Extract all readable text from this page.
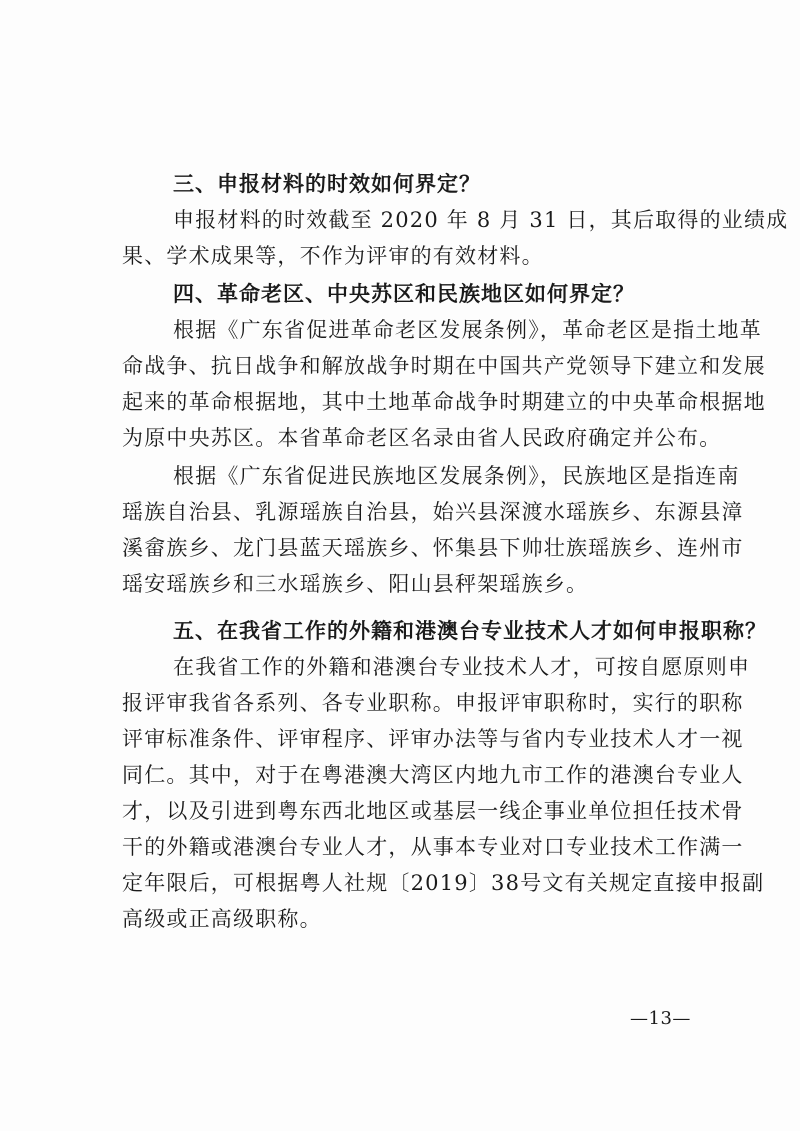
三、申报材料的时效如何界定？
申报材料的时效截至 2020 年 8 月 31 日，其后取得的业绩成
果、学术成果等，不作为评审的有效材料。
四、革命老区、中央苏区和民族地区如何界定？
根据《广东省促进革命老区发展条例》，革命老区是指土地革
命战争、抗日战争和解放战争时期在中国共产党领导下建立和发展
起来的革命根据地，其中土地革命战争时期建立的中央革命根据地
为原中央苏区。本省革命老区名录由省人民政府确定并公布。
根据《广东省促进民族地区发展条例》，民族地区是指连南
瑶族自治县、乳源瑶族自治县，始兴县深渡水瑶族乡、东源县漳
溪畲族乡、龙门县蓝天瑶族乡、怀集县下帅壮族瑶族乡、连州市
瑶安瑶族乡和三水瑶族乡、阳山县秤架瑶族乡。
五、在我省工作的外籍和港澳台专业技术人才如何申报职称？
在我省工作的外籍和港澳台专业技术人才，可按自愿原则申
报评审我省各系列、各专业职称。申报评审职称时，实行的职称
评审标准条件、评审程序、评审办法等与省内专业技术人才一视
同仁。其中，对于在粤港澳大湾区内地九市工作的港澳台专业人
才，以及引进到粤东西北地区或基层一线企事业单位担任技术骨
干的外籍或港澳台专业人才，从事本专业对口专业技术工作满一
定年限后，可根据粤人社规〔2019〕38号文有关规定直接申报副
高级或正高级职称。
—13—
